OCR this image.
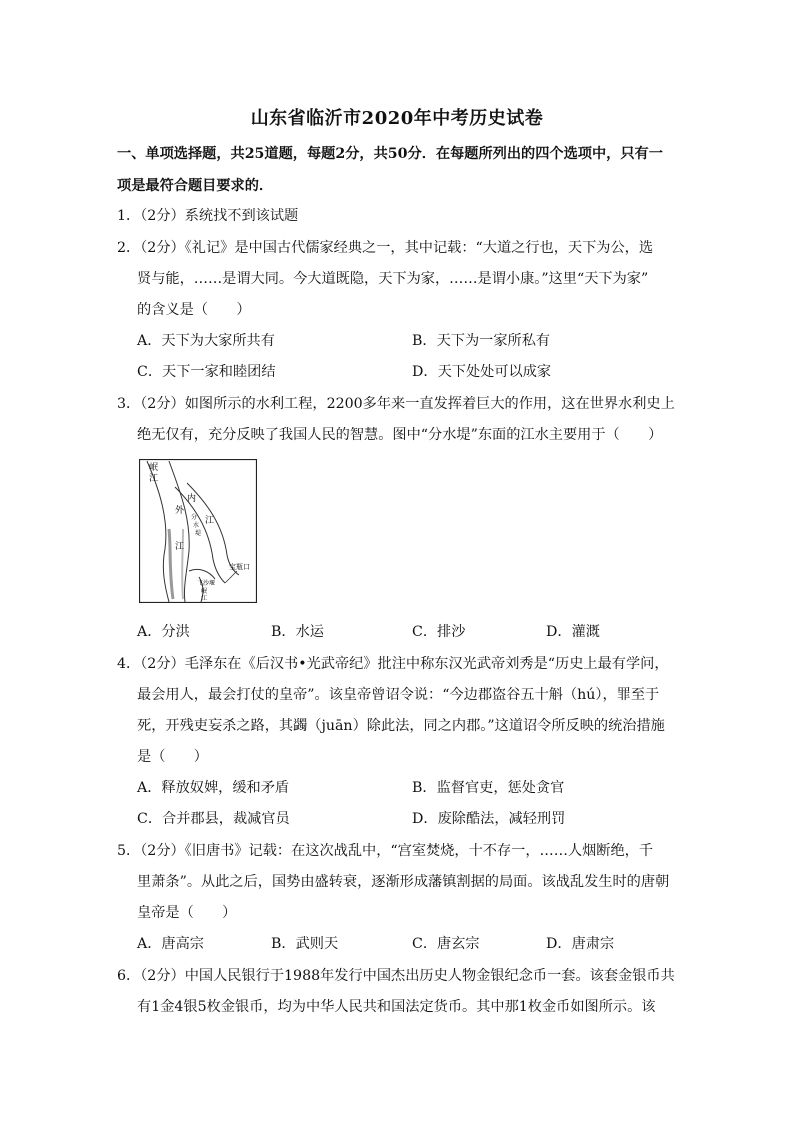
山东省临沂市2020年中考历史试卷
一、单项选择题，共25道题，每题2分，共50分．在每题所列出的四个选项中，只有一
项是最符合题目要求的．
1．（2分）系统找不到该试题
2．（2分）《礼记》是中国古代儒家经典之一，其中记载：“大道之行也，天下为公，选
贤与能，……是谓大同。今大道既隐，天下为家，……是谓小康。”这里“天下为家”
的含义是（　　）
A．天下为大家所共有	B．天下为一家所私有
C．天下一家和睦团结	D．天下处处可以成家
3．（2分）如图所示的水利工程，2200多年来一直发挥着巨大的作用，这在世界水利史上
绝无仅有，充分反映了我国人民的智慧。图中“分水堤”东面的江水主要用于（　　）
岷
江
内
江
外
分
水
堤
江
宝瓶口
飞沙堰
岷
江
A．分洪	B．水运	C．排沙	D．灌溉
4．（2分）毛泽东在《后汉书•光武帝纪》批注中称东汉光武帝刘秀是“历史上最有学问，
最会用人，最会打仗的皇帝”。该皇帝曾诏令说：“今边郡盗谷五十斛（hú），罪至于
死，开残吏妄杀之路，其蠲（juān）除此法，同之内郡。”这道诏令所反映的统治措施
是（　　）
A．释放奴婢，缓和矛盾	B．监督官吏，惩处贪官
C．合并郡县，裁减官员	D．废除酷法，减轻刑罚
5．（2分）《旧唐书》记载：在这次战乱中，“宫室焚烧，十不存一，……人烟断绝，千
里萧条”。从此之后，国势由盛转衰，逐渐形成藩镇割据的局面。该战乱发生时的唐朝
皇帝是（　　）
A．唐高宗	B．武则天	C．唐玄宗	D．唐肃宗
6．（2分）中国人民银行于1988年发行中国杰出历史人物金银纪念币一套。该套金银币共
有1金4银5枚金银币，均为中华人民共和国法定货币。其中那1枚金币如图所示。该
